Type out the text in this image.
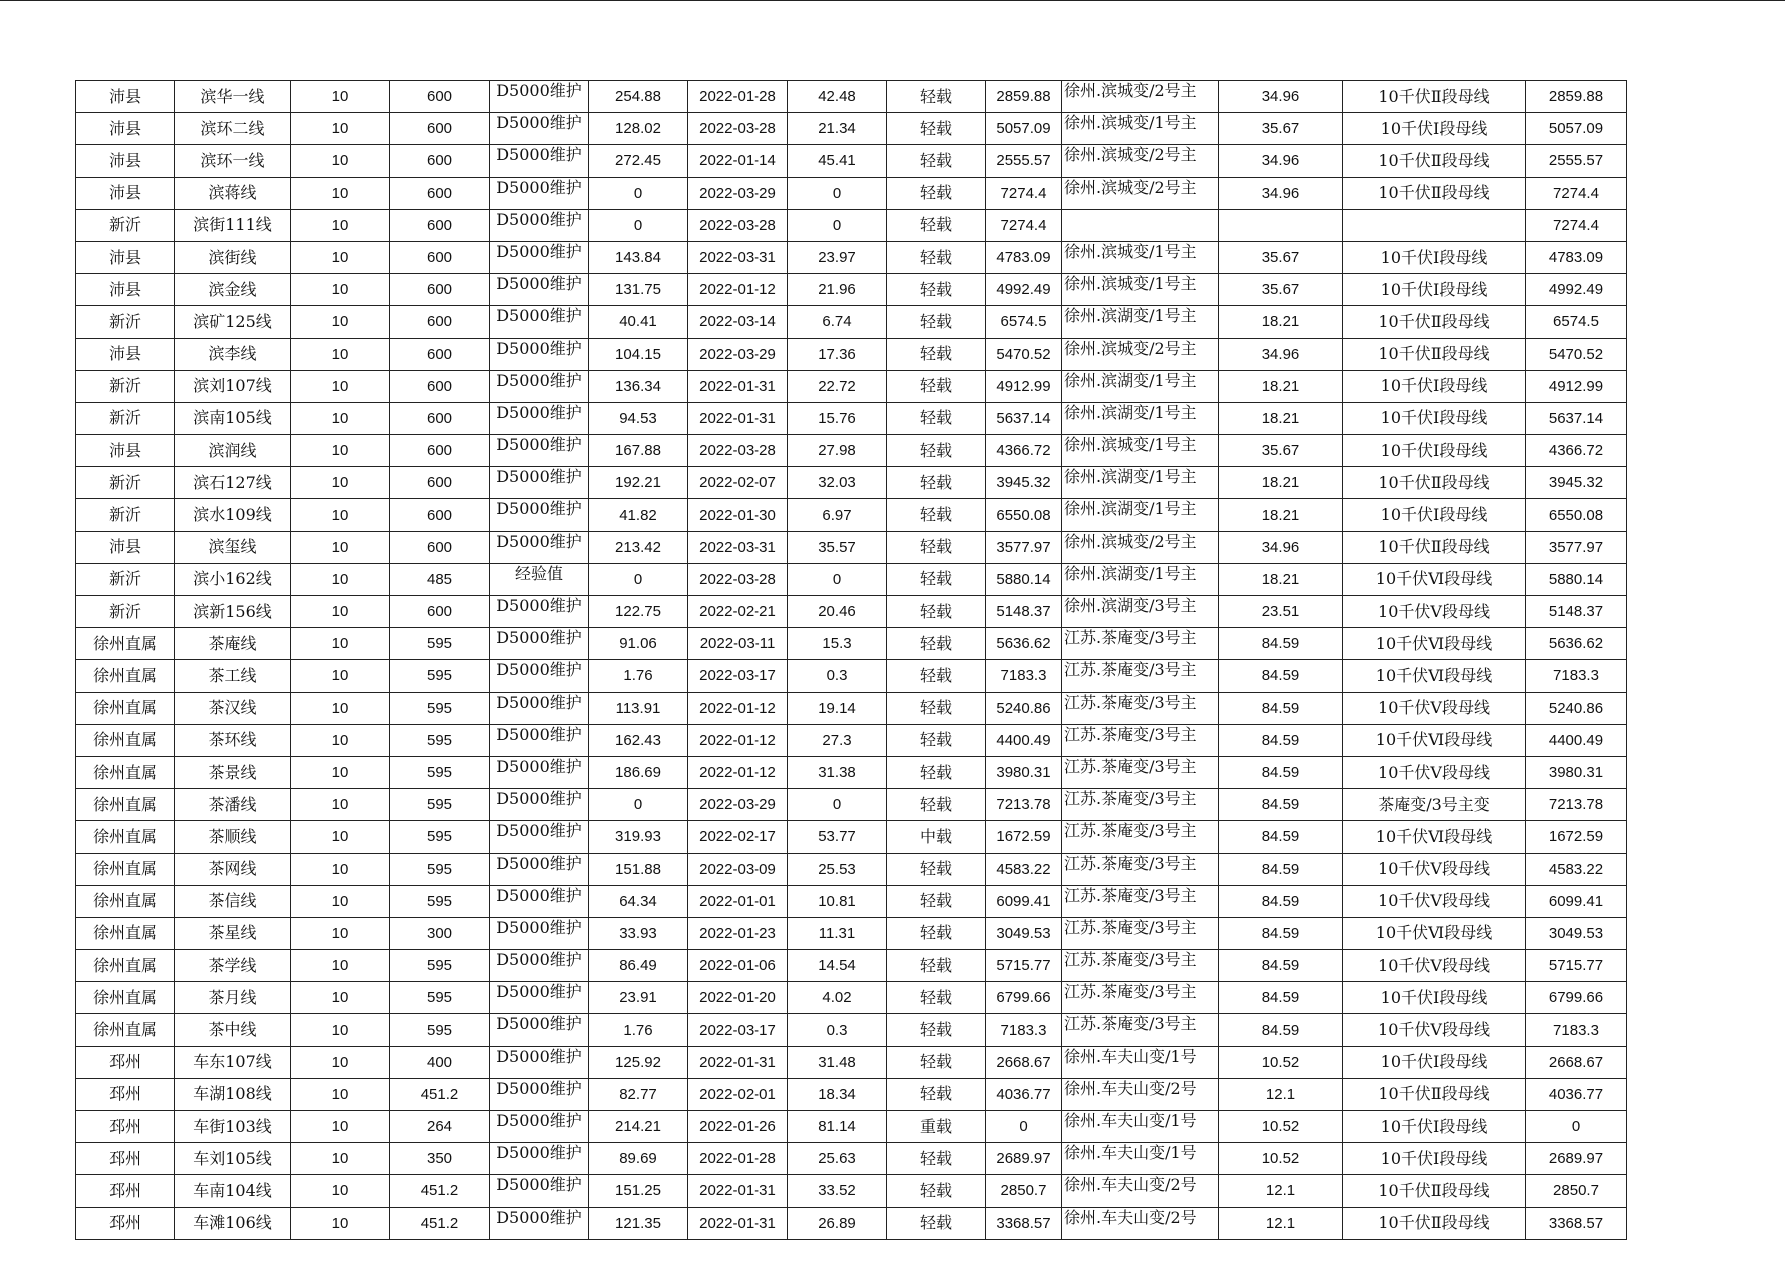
沛县	滨华一线	10	600	D5000维护	254.88	2022-01-28	42.48	轻载	2859.88	徐州.滨城变/2号主	34.96	10千伏Ⅱ段母线	2859.88
沛县	滨环二线	10	600	D5000维护	128.02	2022-03-28	21.34	轻载	5057.09	徐州.滨城变/1号主	35.67	10千伏Ⅰ段母线	5057.09
沛县	滨环一线	10	600	D5000维护	272.45	2022-01-14	45.41	轻载	2555.57	徐州.滨城变/2号主	34.96	10千伏Ⅱ段母线	2555.57
沛县	滨蒋线	10	600	D5000维护	0	2022-03-29	0	轻载	7274.4	徐州.滨城变/2号主	34.96	10千伏Ⅱ段母线	7274.4
新沂	滨街111线	10	600	D5000维护	0	2022-03-28	0	轻载	7274.4				7274.4
沛县	滨街线	10	600	D5000维护	143.84	2022-03-31	23.97	轻载	4783.09	徐州.滨城变/1号主	35.67	10千伏Ⅰ段母线	4783.09
沛县	滨金线	10	600	D5000维护	131.75	2022-01-12	21.96	轻载	4992.49	徐州.滨城变/1号主	35.67	10千伏Ⅰ段母线	4992.49
新沂	滨矿125线	10	600	D5000维护	40.41	2022-03-14	6.74	轻载	6574.5	徐州.滨湖变/1号主	18.21	10千伏Ⅱ段母线	6574.5
沛县	滨李线	10	600	D5000维护	104.15	2022-03-29	17.36	轻载	5470.52	徐州.滨城变/2号主	34.96	10千伏Ⅱ段母线	5470.52
新沂	滨刘107线	10	600	D5000维护	136.34	2022-01-31	22.72	轻载	4912.99	徐州.滨湖变/1号主	18.21	10千伏Ⅰ段母线	4912.99
新沂	滨南105线	10	600	D5000维护	94.53	2022-01-31	15.76	轻载	5637.14	徐州.滨湖变/1号主	18.21	10千伏Ⅰ段母线	5637.14
沛县	滨润线	10	600	D5000维护	167.88	2022-03-28	27.98	轻载	4366.72	徐州.滨城变/1号主	35.67	10千伏Ⅰ段母线	4366.72
新沂	滨石127线	10	600	D5000维护	192.21	2022-02-07	32.03	轻载	3945.32	徐州.滨湖变/1号主	18.21	10千伏Ⅱ段母线	3945.32
新沂	滨水109线	10	600	D5000维护	41.82	2022-01-30	6.97	轻载	6550.08	徐州.滨湖变/1号主	18.21	10千伏Ⅰ段母线	6550.08
沛县	滨玺线	10	600	D5000维护	213.42	2022-03-31	35.57	轻载	3577.97	徐州.滨城变/2号主	34.96	10千伏Ⅱ段母线	3577.97
新沂	滨小162线	10	485	经验值	0	2022-03-28	0	轻载	5880.14	徐州.滨湖变/1号主	18.21	10千伏Ⅵ段母线	5880.14
新沂	滨新156线	10	600	D5000维护	122.75	2022-02-21	20.46	轻载	5148.37	徐州.滨湖变/3号主	23.51	10千伏Ⅴ段母线	5148.37
徐州直属	茶庵线	10	595	D5000维护	91.06	2022-03-11	15.3	轻载	5636.62	江苏.茶庵变/3号主	84.59	10千伏Ⅵ段母线	5636.62
徐州直属	茶工线	10	595	D5000维护	1.76	2022-03-17	0.3	轻载	7183.3	江苏.茶庵变/3号主	84.59	10千伏Ⅵ段母线	7183.3
徐州直属	茶汉线	10	595	D5000维护	113.91	2022-01-12	19.14	轻载	5240.86	江苏.茶庵变/3号主	84.59	10千伏Ⅴ段母线	5240.86
徐州直属	茶环线	10	595	D5000维护	162.43	2022-01-12	27.3	轻载	4400.49	江苏.茶庵变/3号主	84.59	10千伏Ⅵ段母线	4400.49
徐州直属	茶景线	10	595	D5000维护	186.69	2022-01-12	31.38	轻载	3980.31	江苏.茶庵变/3号主	84.59	10千伏Ⅴ段母线	3980.31
徐州直属	茶潘线	10	595	D5000维护	0	2022-03-29	0	轻载	7213.78	江苏.茶庵变/3号主	84.59	茶庵变/3号主变	7213.78
徐州直属	茶顺线	10	595	D5000维护	319.93	2022-02-17	53.77	中载	1672.59	江苏.茶庵变/3号主	84.59	10千伏Ⅵ段母线	1672.59
徐州直属	茶网线	10	595	D5000维护	151.88	2022-03-09	25.53	轻载	4583.22	江苏.茶庵变/3号主	84.59	10千伏Ⅴ段母线	4583.22
徐州直属	茶信线	10	595	D5000维护	64.34	2022-01-01	10.81	轻载	6099.41	江苏.茶庵变/3号主	84.59	10千伏Ⅴ段母线	6099.41
徐州直属	茶星线	10	300	D5000维护	33.93	2022-01-23	11.31	轻载	3049.53	江苏.茶庵变/3号主	84.59	10千伏Ⅵ段母线	3049.53
徐州直属	茶学线	10	595	D5000维护	86.49	2022-01-06	14.54	轻载	5715.77	江苏.茶庵变/3号主	84.59	10千伏Ⅴ段母线	5715.77
徐州直属	茶月线	10	595	D5000维护	23.91	2022-01-20	4.02	轻载	6799.66	江苏.茶庵变/3号主	84.59	10千伏Ⅰ段母线	6799.66
徐州直属	茶中线	10	595	D5000维护	1.76	2022-03-17	0.3	轻载	7183.3	江苏.茶庵变/3号主	84.59	10千伏Ⅴ段母线	7183.3
邳州	车东107线	10	400	D5000维护	125.92	2022-01-31	31.48	轻载	2668.67	徐州.车夫山变/1号	10.52	10千伏Ⅰ段母线	2668.67
邳州	车湖108线	10	451.2	D5000维护	82.77	2022-02-01	18.34	轻载	4036.77	徐州.车夫山变/2号	12.1	10千伏Ⅱ段母线	4036.77
邳州	车街103线	10	264	D5000维护	214.21	2022-01-26	81.14	重载	0	徐州.车夫山变/1号	10.52	10千伏Ⅰ段母线	0
邳州	车刘105线	10	350	D5000维护	89.69	2022-01-28	25.63	轻载	2689.97	徐州.车夫山变/1号	10.52	10千伏Ⅰ段母线	2689.97
邳州	车南104线	10	451.2	D5000维护	151.25	2022-01-31	33.52	轻载	2850.7	徐州.车夫山变/2号	12.1	10千伏Ⅱ段母线	2850.7
邳州	车滩106线	10	451.2	D5000维护	121.35	2022-01-31	26.89	轻载	3368.57	徐州.车夫山变/2号	12.1	10千伏Ⅱ段母线	3368.57
